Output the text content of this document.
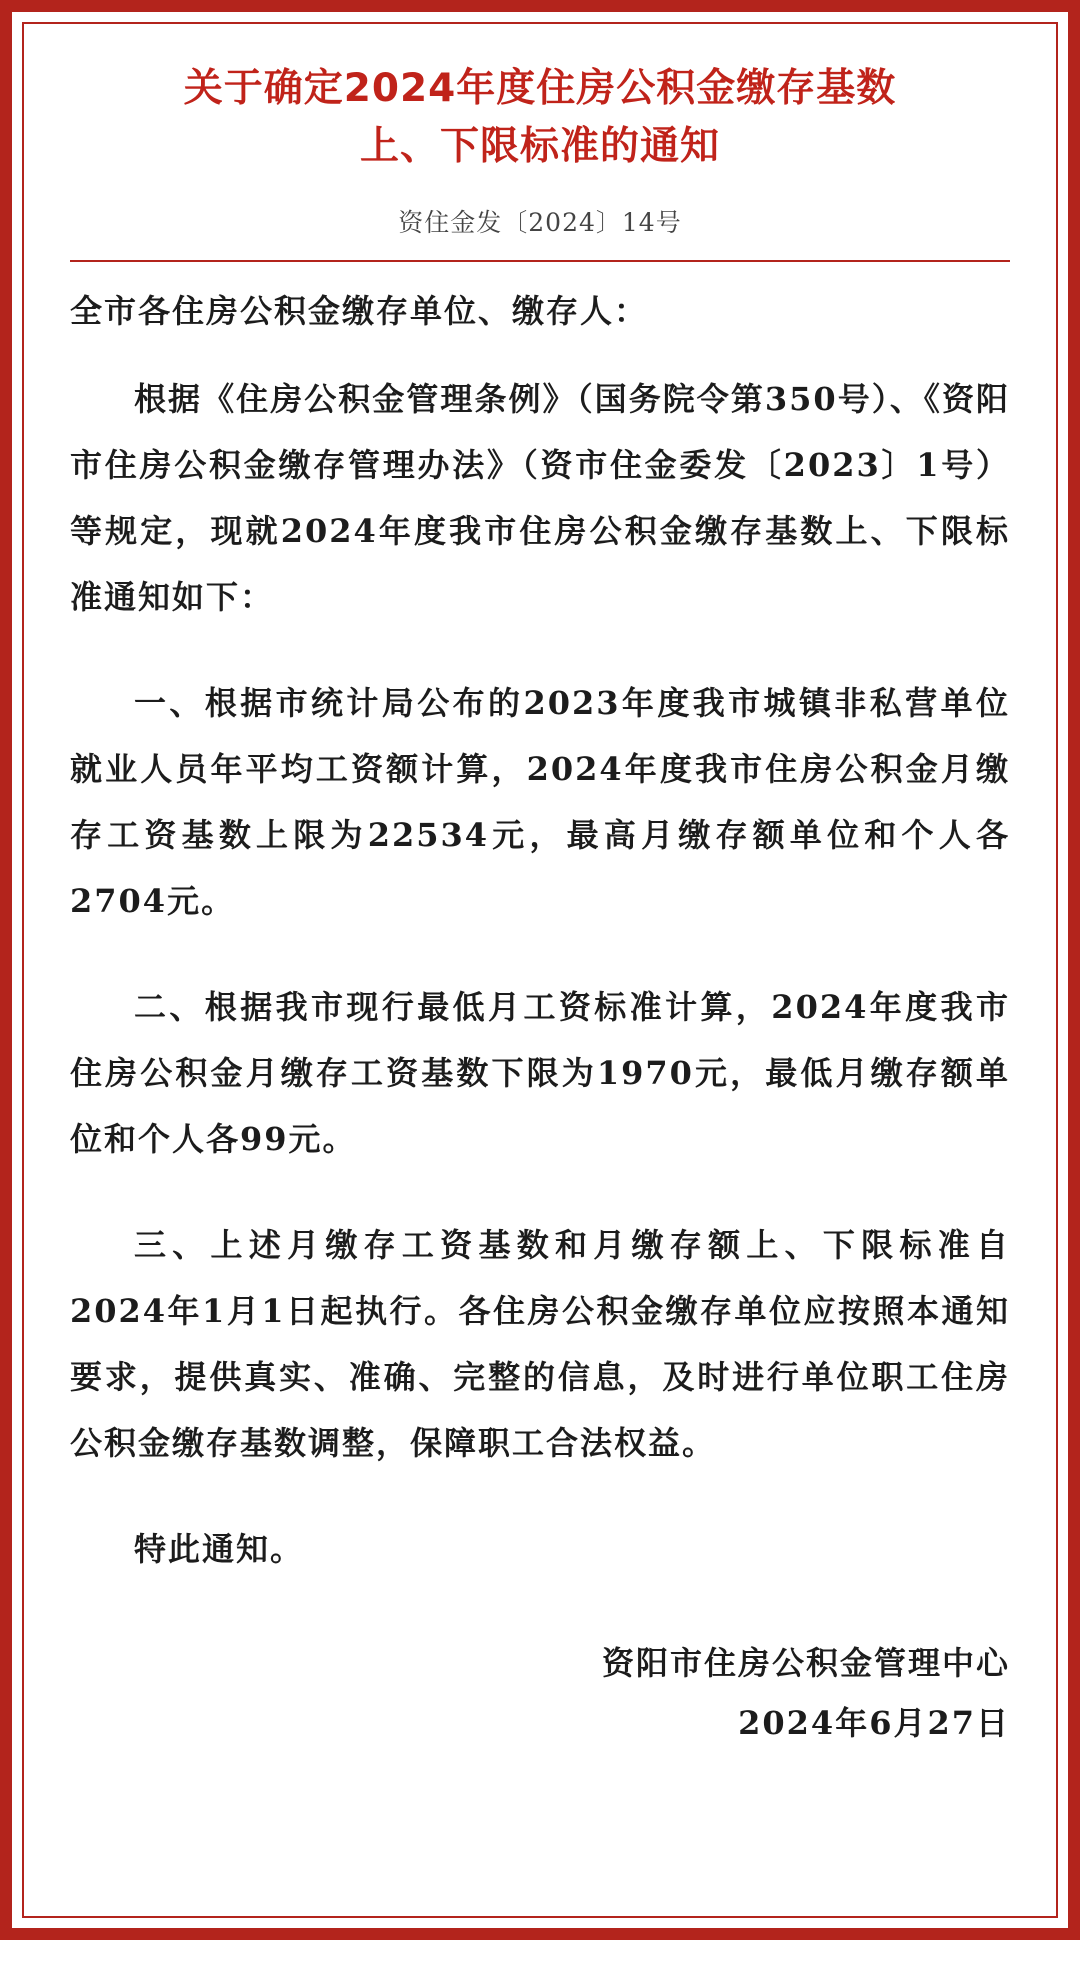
关于确定2024年度住房公积金缴存基数
上、下限标准的通知
资住金发〔2024〕14号
全市各住房公积金缴存单位、缴存人：

根据《住房公积金管理条例》（国务院令第350号）、《资阳市住房公积金缴存管理办法》（资市住金委发〔2023〕1号）等规定，现就2024年度我市住房公积金缴存基数上、下限标准通知如下：

一、根据市统计局公布的2023年度我市城镇非私营单位就业人员年平均工资额计算，2024年度我市住房公积金月缴存工资基数上限为22534元，最高月缴存额单位和个人各2704元。

二、根据我市现行最低月工资标准计算，2024年度我市住房公积金月缴存工资基数下限为1970元，最低月缴存额单位和个人各99元。

三、上述月缴存工资基数和月缴存额上、下限标准自2024年1月1日起执行。各住房公积金缴存单位应按照本通知要求，提供真实、准确、完整的信息，及时进行单位职工住房公积金缴存基数调整，保障职工合法权益。

特此通知。

资阳市住房公积金管理中心
2024年6月27日
